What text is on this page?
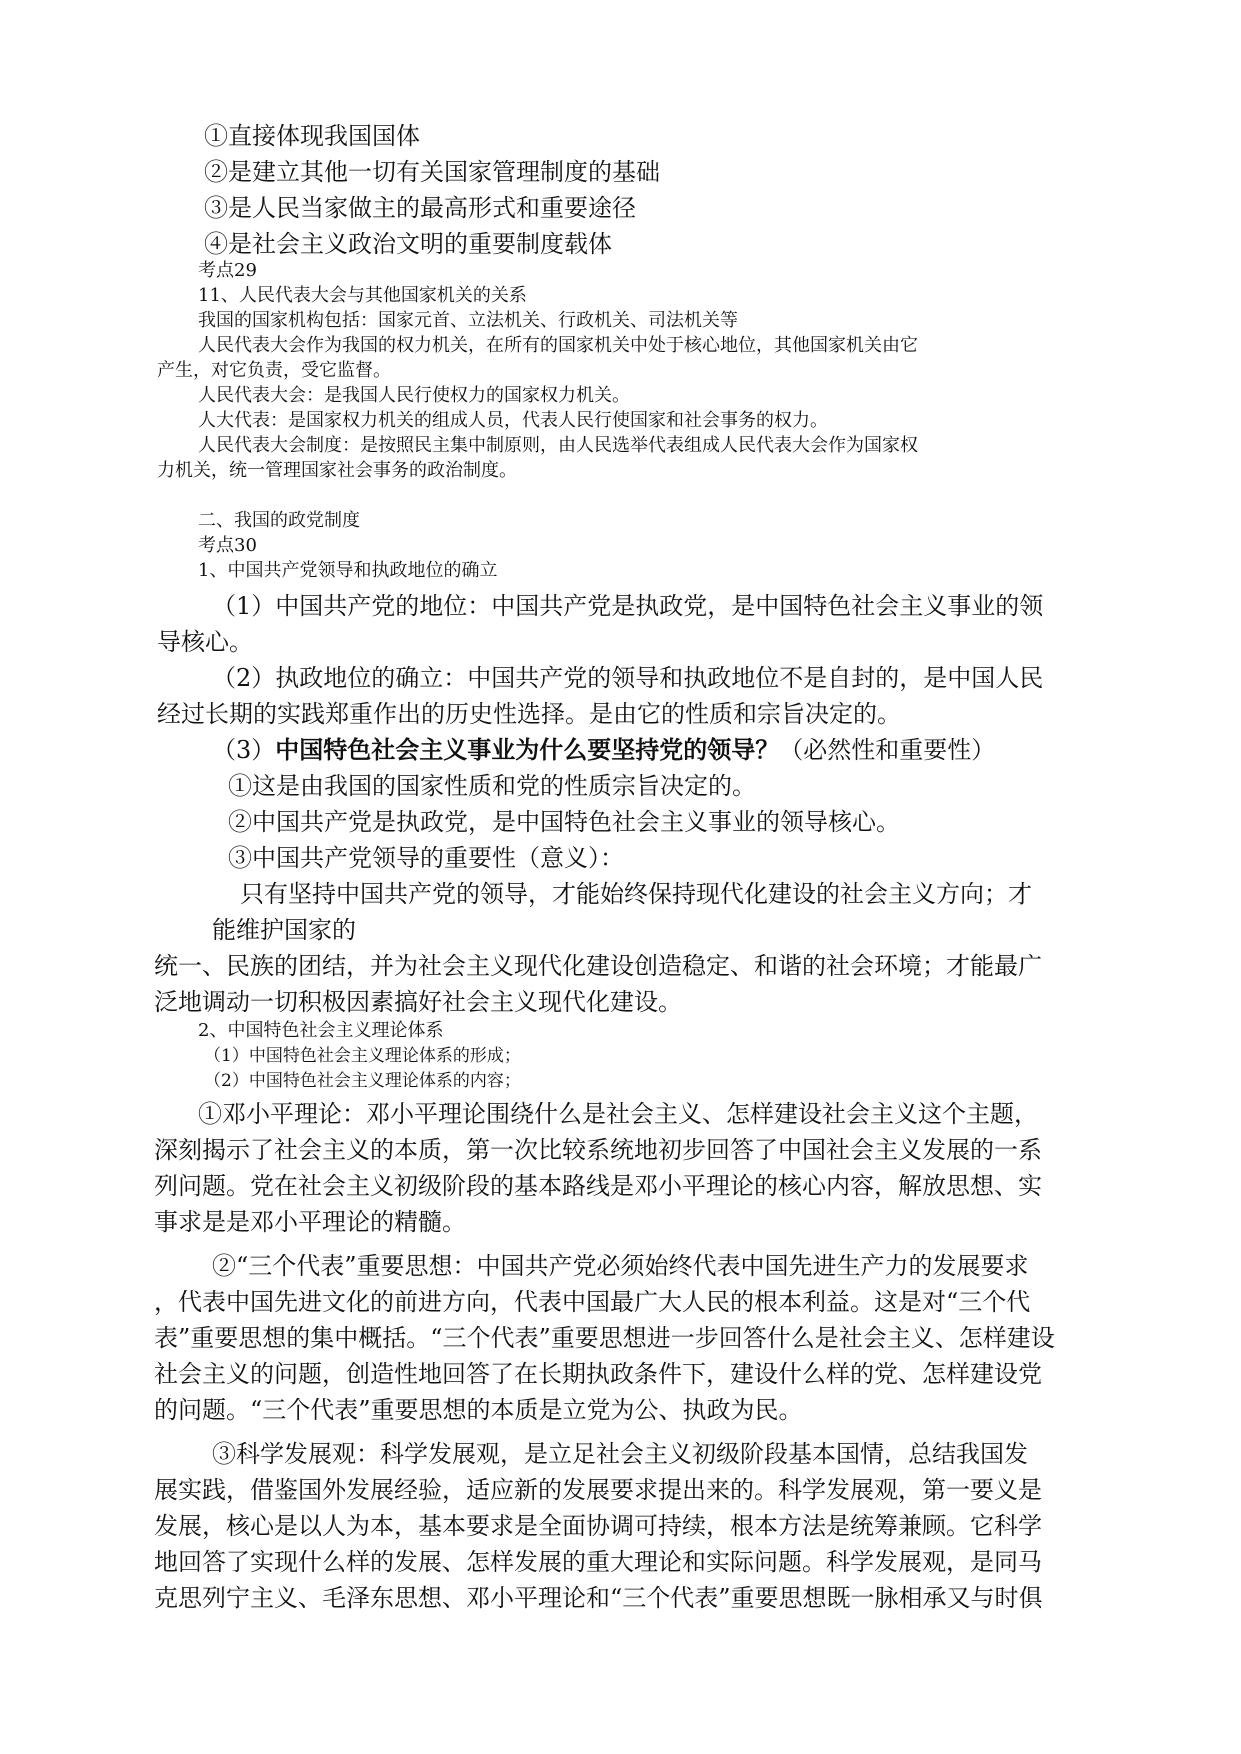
①直接体现我国国体

②是建立其他一切有关国家管理制度的基础

③是人民当家做主的最高形式和重要途径

④是社会主义政治文明的重要制度载体

考点29

11、人民代表大会与其他国家机关的关系

我国的国家机构包括：国家元首、立法机关、行政机关、司法机关等

人民代表大会作为我国的权力机关，在所有的国家机关中处于核心地位，其他国家机关由它

产生，对它负责，受它监督。

人民代表大会：是我国人民行使权力的国家权力机关。

人大代表：是国家权力机关的组成人员，代表人民行使国家和社会事务的权力。

人民代表大会制度：是按照民主集中制原则，由人民选举代表组成人民代表大会作为国家权

力机关，统一管理国家社会事务的政治制度。

二、我国的政党制度

考点30

1、中国共产党领导和执政地位的确立

（1）中国共产党的地位：中国共产党是执政党，是中国特色社会主义事业的领

导核心。

（2）执政地位的确立：中国共产党的领导和执政地位不是自封的，是中国人民

经过长期的实践郑重作出的历史性选择。是由它的性质和宗旨决定的。

（3）中国特色社会主义事业为什么要坚持党的领导？（必然性和重要性）

①这是由我国的国家性质和党的性质宗旨决定的。

②中国共产党是执政党，是中国特色社会主义事业的领导核心。

③中国共产党领导的重要性（意义）：

只有坚持中国共产党的领导，才能始终保持现代化建设的社会主义方向；才

能维护国家的

统一、民族的团结，并为社会主义现代化建设创造稳定、和谐的社会环境；才能最广

泛地调动一切积极因素搞好社会主义现代化建设。

2、中国特色社会主义理论体系

（1）中国特色社会主义理论体系的形成；

（2）中国特色社会主义理论体系的内容；

①邓小平理论：邓小平理论围绕什么是社会主义、怎样建设社会主义这个主题，

深刻揭示了社会主义的本质，第一次比较系统地初步回答了中国社会主义发展的一系

列问题。党在社会主义初级阶段的基本路线是邓小平理论的核心内容，解放思想、实

事求是是邓小平理论的精髓。

②“三个代表”重要思想：中国共产党必须始终代表中国先进生产力的发展要求

，代表中国先进文化的前进方向，代表中国最广大人民的根本利益。这是对“三个代

表”重要思想的集中概括。“三个代表”重要思想进一步回答什么是社会主义、怎样建设

社会主义的问题，创造性地回答了在长期执政条件下，建设什么样的党、怎样建设党

的问题。“三个代表”重要思想的本质是立党为公、执政为民。

③科学发展观：科学发展观，是立足社会主义初级阶段基本国情，总结我国发

展实践，借鉴国外发展经验，适应新的发展要求提出来的。科学发展观，第一要义是

发展，核心是以人为本，基本要求是全面协调可持续，根本方法是统筹兼顾。它科学

地回答了实现什么样的发展、怎样发展的重大理论和实际问题。科学发展观，是同马

克思列宁主义、毛泽东思想、邓小平理论和“三个代表”重要思想既一脉相承又与时俱
